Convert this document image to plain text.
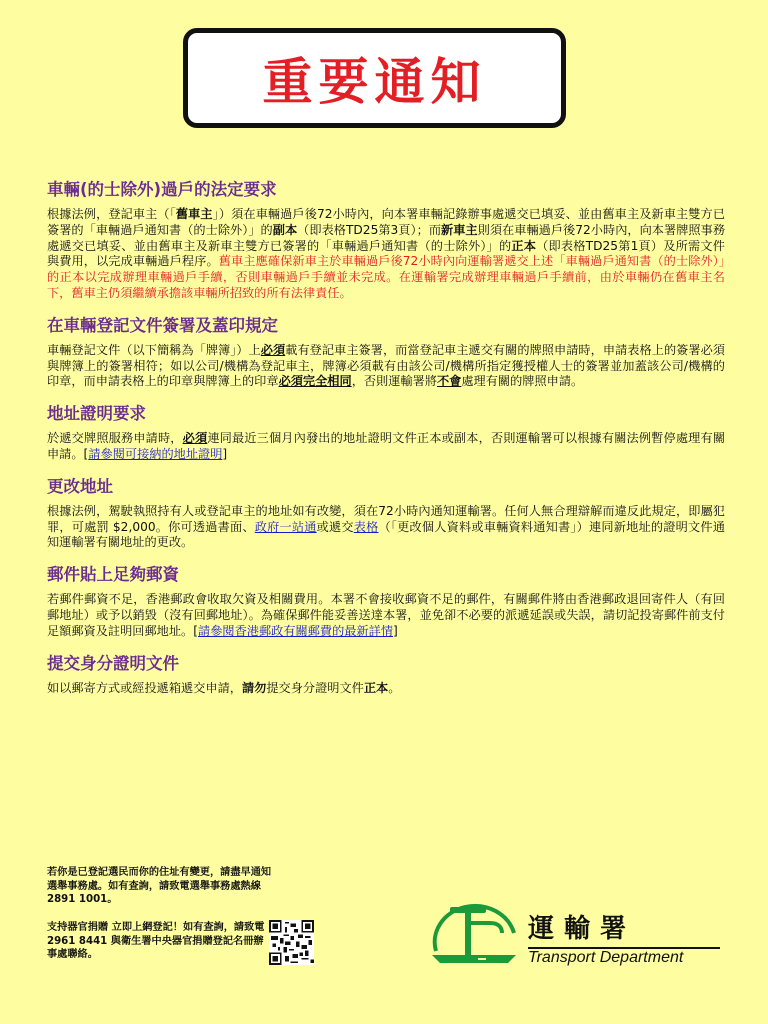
重要通知
車輛(的士除外)過戶的法定要求
根據法例，登記車主（「舊車主」）須在車輛過戶後72小時內，向本署車輛記錄辦事處遞交已填妥、並由舊車主及新車主雙方已簽署的「車輛過戶通知書（的士除外）」的副本（即表格TD25第3頁）；而新車主則須在車輛過戶後72小時內，向本署牌照事務處遞交已填妥、並由舊車主及新車主雙方已簽署的「車輛過戶通知書（的士除外）」的正本（即表格TD25第1頁）及所需文件與費用，以完成車輛過戶程序。舊車主應確保新車主於車輛過戶後72小時內向運輸署遞交上述「車輛過戶通知書（的士除外）」的正本以完成辦理車輛過戶手續，否則車輛過戶手續並未完成。在運輸署完成辦理車輛過戶手續前，由於車輛仍在舊車主名下，舊車主仍須繼續承擔該車輛所招致的所有法律責任。
在車輛登記文件簽署及蓋印規定
車輛登記文件（以下簡稱為「牌簿」）上必須載有登記車主簽署，而當登記車主遞交有關的牌照申請時，申請表格上的簽署必須與牌簿上的簽署相符；如以公司/機構為登記車主，牌簿必須載有由該公司/機構所指定獲授權人士的簽署並加蓋該公司/機構的印章，而申請表格上的印章與牌簿上的印章必須完全相同，否則運輸署將不會處理有關的牌照申請。
地址證明要求
於遞交牌照服務申請時，必須連同最近三個月內發出的地址證明文件正本或副本，否則運輸署可以根據有關法例暫停處理有關申請。[請參閱可接納的地址證明]
更改地址
根據法例，駕駛執照持有人或登記車主的地址如有改變，須在72小時內通知運輸署。任何人無合理辯解而違反此規定，即屬犯罪，可處罰 $2,000。你可透過書面、政府一站通或遞交表格（「更改個人資料或車輛資料通知書」）連同新地址的證明文件通知運輸署有關地址的更改。
郵件貼上足夠郵資
若郵件郵資不足，香港郵政會收取欠資及相關費用。本署不會接收郵資不足的郵件，有關郵件將由香港郵政退回寄件人（有回郵地址）或予以銷毀（沒有回郵地址）。為確保郵件能妥善送達本署，並免卻不必要的派遞延誤或失誤，請切記投寄郵件前支付足額郵資及註明回郵地址。[請參閱香港郵政有關郵費的最新詳情]
提交身分證明文件
如以郵寄方式或經投遞箱遞交申請，請勿提交身分證明文件正本。
若你是已登記選民而你的住址有變更，請盡早通知選舉事務處。如有查詢，請致電選舉事務處熱線 2891 1001。
支持器官捐贈 立即上網登記！如有查詢，請致電 2961 8441 與衛生署中央器官捐贈登記名冊辦事處聯絡。
運輸署
Transport Department
